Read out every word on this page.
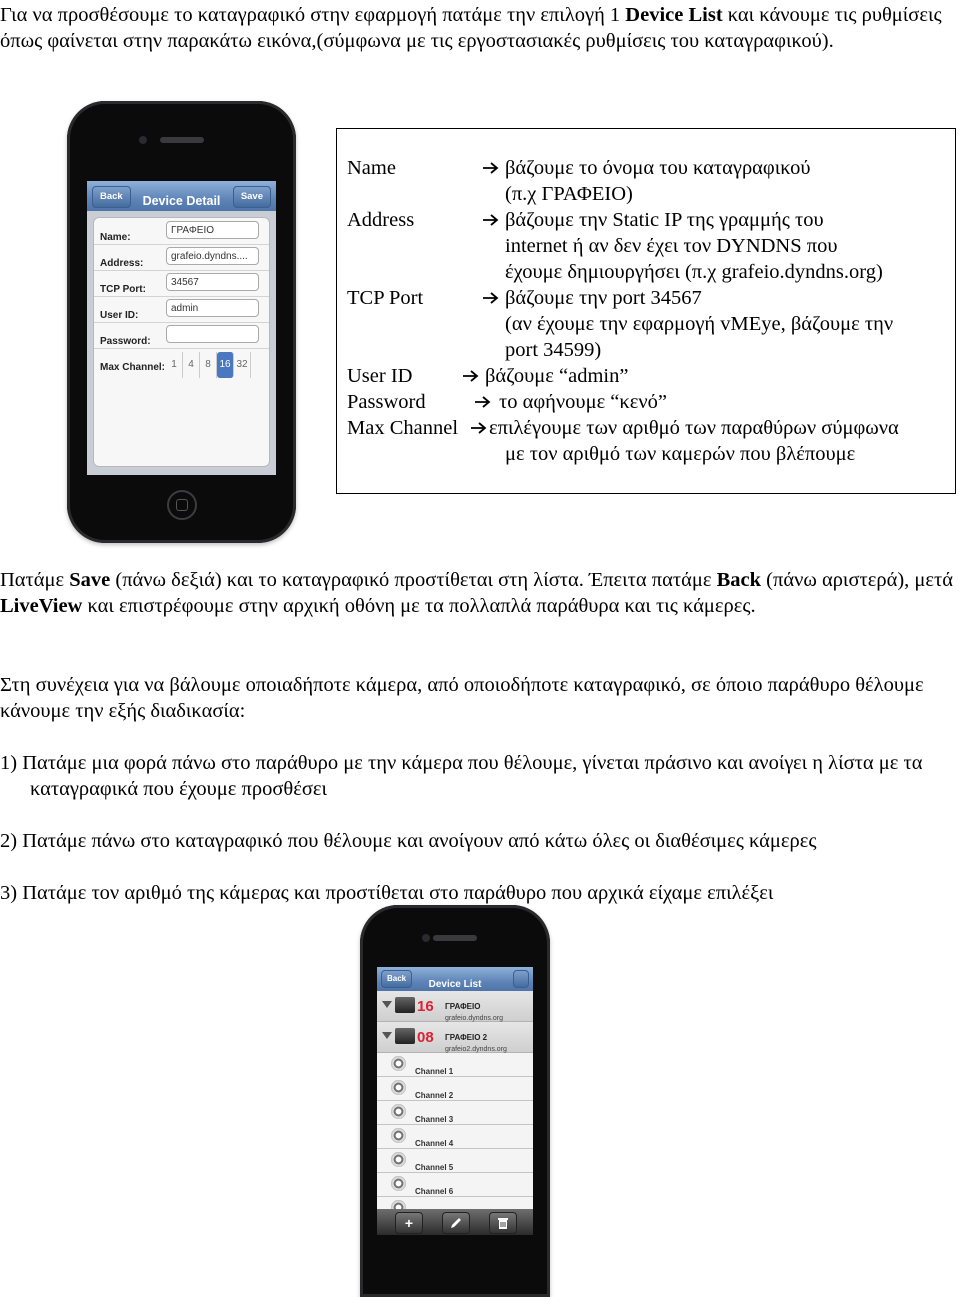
Για να προσθέσουμε το καταγραφικό στην εφαρμογή πατάμε την επιλογή 1 Device List και κάνουμε τις ρυθμίσεις όπως φαίνεται στην παρακάτω εικόνα,(σύμφωνα με τις εργοστασιακές ρυθμίσεις του καταγραφικού).

Back	Device Detail	Save
Name:
ΓΡΑΦΕΙΟ
Address:
grafeio.dyndns....
TCP Port:
34567
User ID:
admin
Password:
Max Channel: 1 4 8 16 32
Name	βάζουμε το όνομα του καταγραφικού
(π.χ ΓΡΑΦΕΙΟ)
Address	βάζουμε την Static IP της γραμμής του
internet ή αν δεν έχει τον DYNDNS που
έχουμε δημιουργήσει (π.χ grafeio.dyndns.org)
TCP Port	βάζουμε την port 34567
(αν έχουμε την εφαρμογή vMEye, βάζουμε την
port 34599)
User ID	βάζουμε “admin”
Password	το αφήνουμε “κενό”
Max Channel επιλέγουμε των αριθμό των παραθύρων σύμφωνα
με τον αριθμό των καμερών που βλέπουμε

Πατάμε Save (πάνω δεξιά) και το καταγραφικό προστίθεται στη λίστα. Έπειτα πατάμε Back (πάνω αριστερά), μετά LiveView και επιστρέφουμε στην αρχική οθόνη με τα πολλαπλά παράθυρα και τις κάμερες.

Στη συνέχεια για να βάλουμε οποιαδήποτε κάμερα, από οποιοδήποτε καταγραφικό, σε όποιο παράθυρο θέλουμε κάνουμε την εξής διαδικασία:

1) Πατάμε μια φορά πάνω στο παράθυρο με την κάμερα που θέλουμε, γίνεται πράσινο και ανοίγει η λίστα με τα καταγραφικά που έχουμε προσθέσει

2) Πατάμε πάνω στο καταγραφικό που θέλουμε και ανοίγουν από κάτω όλες οι διαθέσιμες κάμερες

3) Πατάμε τον αριθμό της κάμερας και προστίθεται στο παράθυρο που αρχικά είχαμε επιλέξει

Back
Device List
16 ΓΡΑΦΕΙΟ
grafeio.dyndns.org
08 ΓΡΑΦΕΙΟ 2
grafeio2.dyndns.org
Channel 1
Channel 2
Channel 3
Channel 4
Channel 5
Channel 6
+
